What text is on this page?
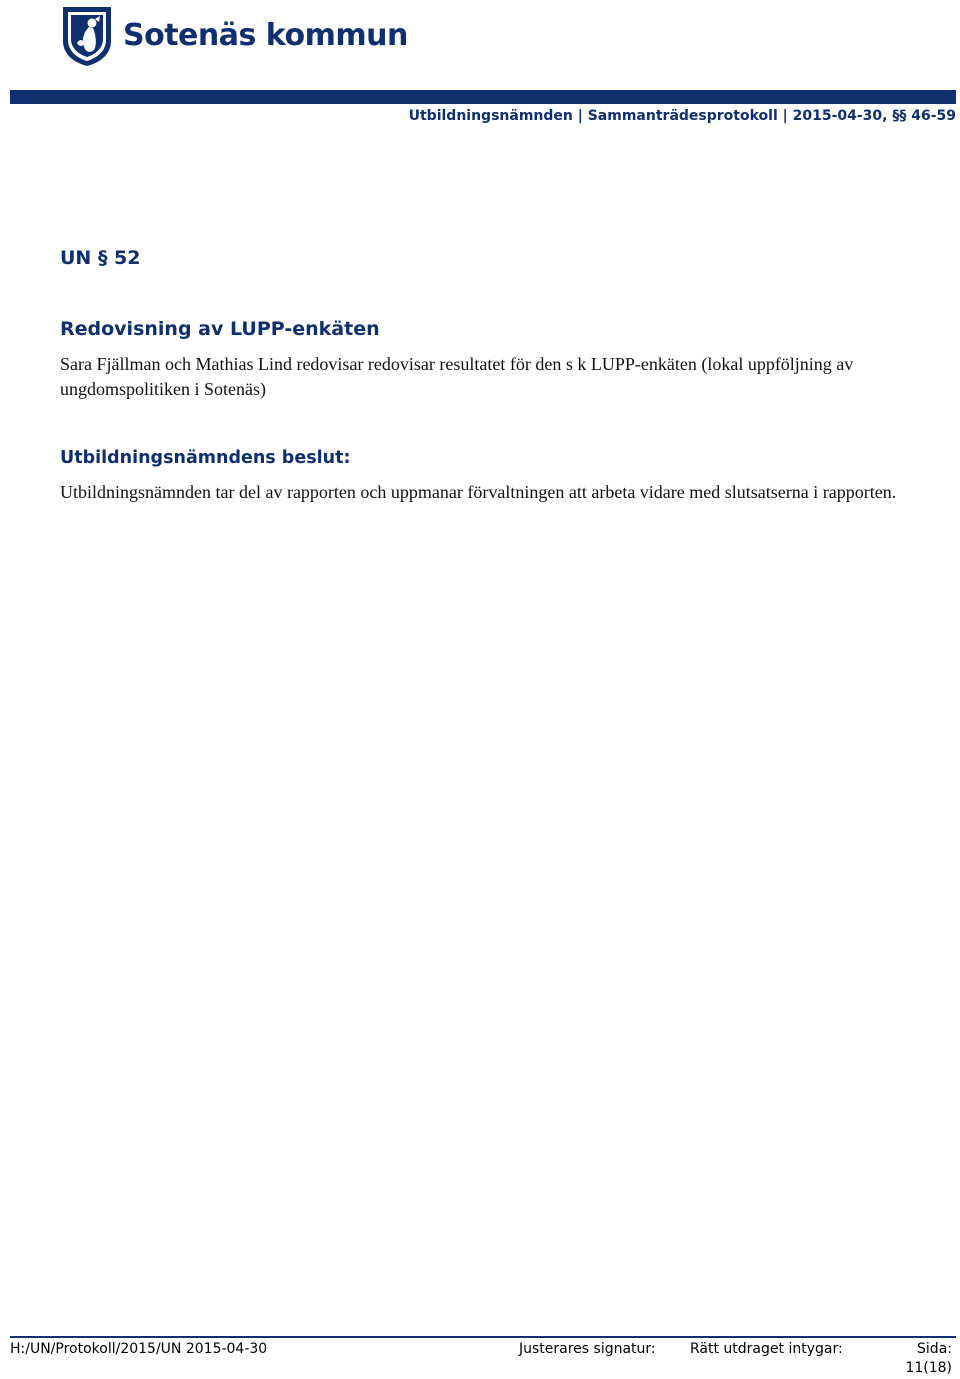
Sotenäs kommun
Utbildningsnämnden | Sammanträdesprotokoll | 2015-04-30, §§ 46-59
UN § 52
Redovisning av LUPP-enkäten
Sara Fjällman och Mathias Lind redovisar redovisar resultatet för den s k LUPP-enkäten (lokal uppföljning av ungdomspolitiken i Sotenäs)
Utbildningsnämndens beslut:
Utbildningsnämnden tar del av rapporten och uppmanar förvaltningen att arbeta vidare med slutsatserna i rapporten.
H:/UN/Protokoll/2015/UN 2015-04-30	Justerares signatur: Rätt utdraget intygar:	Sida:
11(18)
